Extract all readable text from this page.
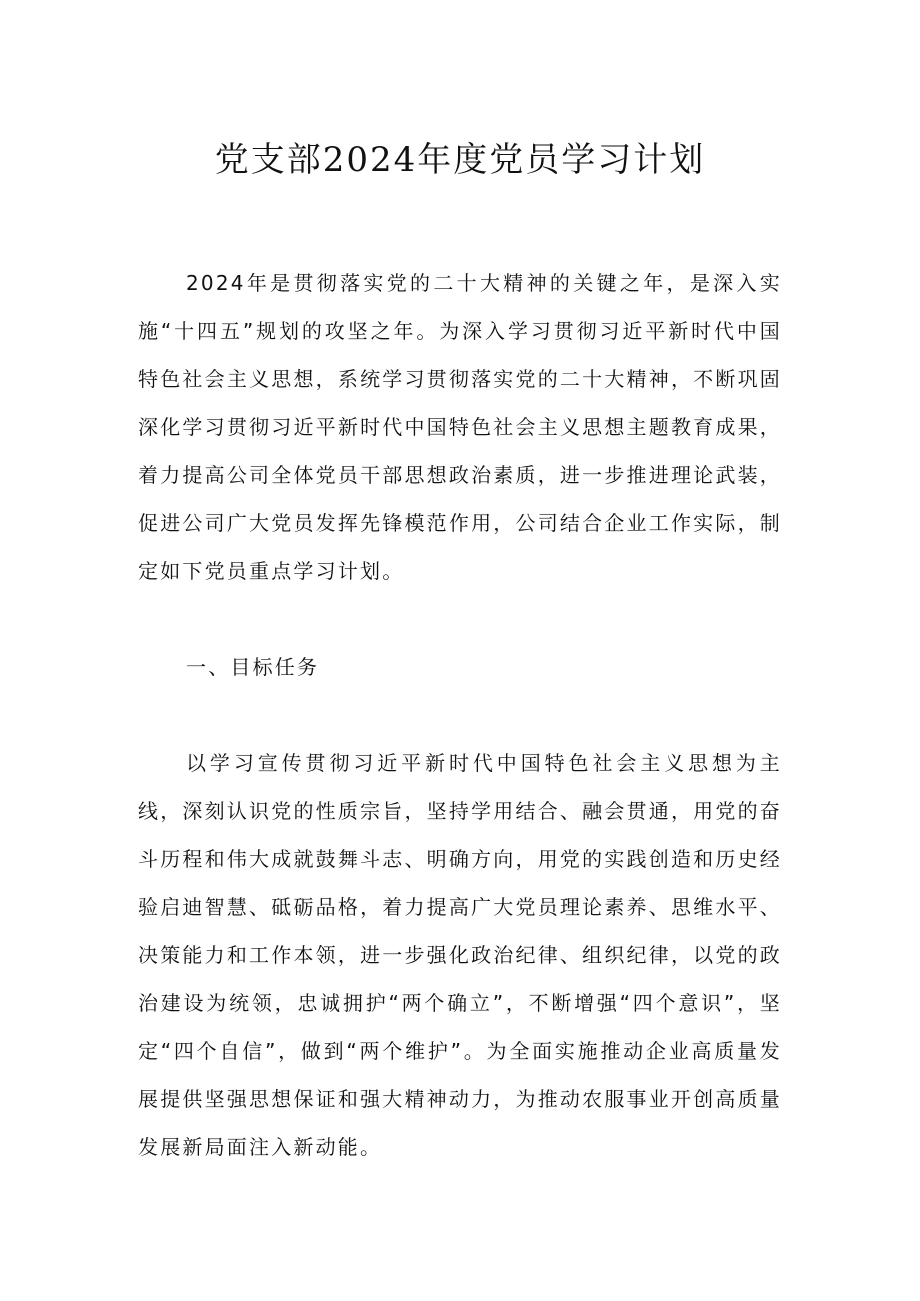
党支部2024年度党员学习计划

2024年是贯彻落实党的二十大精神的关键之年，是深入实施“十四五”规划的攻坚之年。为深入学习贯彻习近平新时代中国特色社会主义思想，系统学习贯彻落实党的二十大精神，不断巩固深化学习贯彻习近平新时代中国特色社会主义思想主题教育成果，着力提高公司全体党员干部思想政治素质，进一步推进理论武装，促进公司广大党员发挥先锋模范作用，公司结合企业工作实际，制定如下党员重点学习计划。

一、目标任务

以学习宣传贯彻习近平新时代中国特色社会主义思想为主线，深刻认识党的性质宗旨，坚持学用结合、融会贯通，用党的奋斗历程和伟大成就鼓舞斗志、明确方向，用党的实践创造和历史经验启迪智慧、砥砺品格，着力提高广大党员理论素养、思维水平、决策能力和工作本领，进一步强化政治纪律、组织纪律，以党的政治建设为统领，忠诚拥护“两个确立”，不断增强“四个意识”，坚定“四个自信”，做到“两个维护”。为全面实施推动企业高质量发展提供坚强思想保证和强大精神动力，为推动农服事业开创高质量发展新局面注入新动能。
